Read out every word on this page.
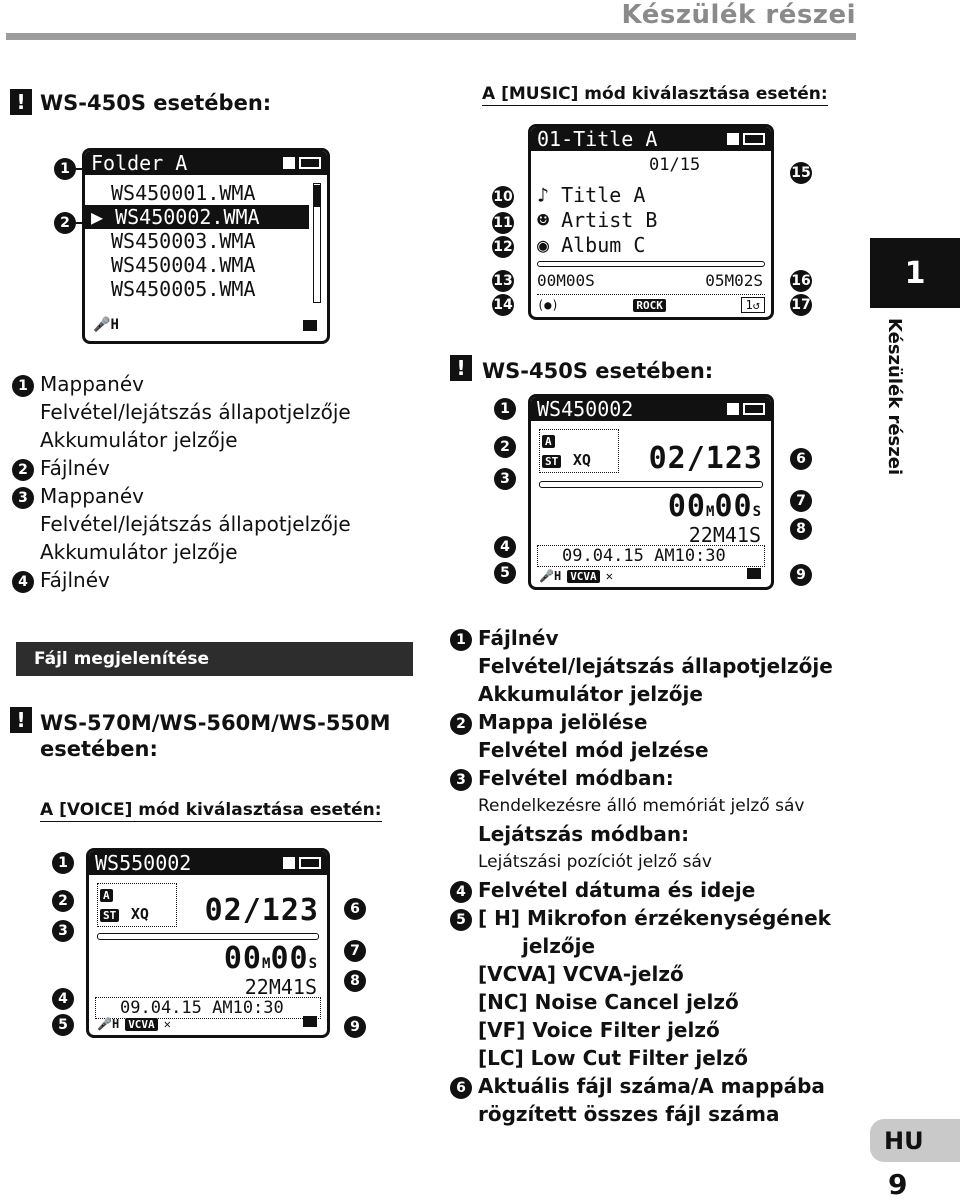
Készülék részei
1
Készülék részei
HU
9
! WS-450S esetében:
1
2
Folder A
WS450001.WMA
▶ WS450002.WMA
WS450003.WMA
WS450004.WMA
WS450005.WMA
🎤H
1 Mappanév
Felvétel/lejátszás állapotjelzője
Akkumulátor jelzője
2 Fájlnév
3 Mappanév
Felvétel/lejátszás állapotjelzője
Akkumulátor jelzője
4 Fájlnév
Fájl megjelenítése
! WS-570M/WS-560M/WS-550M
esetében:
A [VOICE] mód kiválasztása esetén:
WS550002
A
ST XQ	02/123
00M00S
22M41S
09.04.15 AM10:30
🎤H VCVA ✕
1
2
3
4
5
6
7
8
9
A [MUSIC] mód kiválasztása esetén:
01-Title A
01/15
♪ Title A
☻ Artist B
◉ Album C
00M00S	05M02S
(●)	ROCK	1↺
10
11
12
13
14
15
16
17
! WS-450S esetében:
WS450002
A
ST XQ	02/123
00M00S
22M41S
09.04.15 AM10:30
🎤H VCVA ✕
1
2
3
4
5
6
7
8
9
1 Fájlnév
Felvétel/lejátszás állapotjelzője
Akkumulátor jelzője
2 Mappa jelölése
Felvétel mód jelzése
3 Felvétel módban:
Rendelkezésre álló memóriát jelző sáv
Lejátszás módban:
Lejátszási pozíciót jelző sáv
4 Felvétel dátuma és ideje
5 [ H] Mikrofon érzékenységének
jelzője
[VCVA] VCVA-jelző
[NC] Noise Cancel jelző
[VF] Voice Filter jelző
[LC] Low Cut Filter jelző
6 Aktuális fájl száma/A mappába
rögzített összes fájl száma
